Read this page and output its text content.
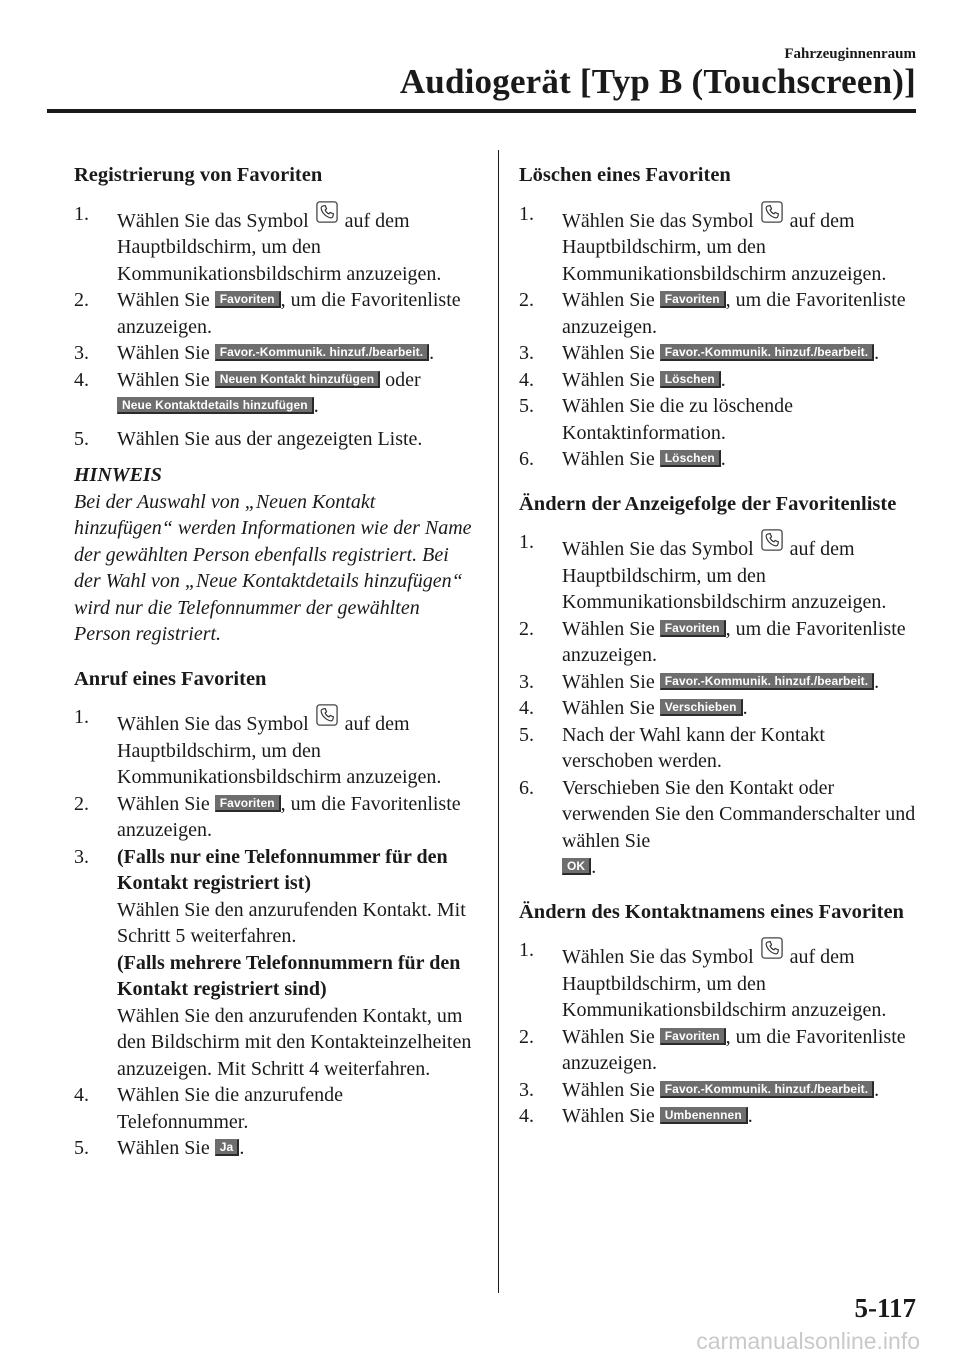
Fahrzeuginnenraum
Audiogerät [Typ B (Touchscreen)]
Registrierung von Favoriten
1. Wählen Sie das Symbol auf dem Hauptbildschirm, um den Kommunikationsbildschirm anzuzeigen.
2. Wählen Sie Favoriten , um die Favoritenliste anzuzeigen.
3. Wählen Sie Favor.-Kommunik. hinzuf./bearbeit. .
4. Wählen Sie Neuen Kontakt hinzufügen oder
Neue Kontaktdetails hinzufügen .
5. Wählen Sie aus der angezeigten Liste.
HINWEIS
Bei der Auswahl von „Neuen Kontakt hinzufügen“ werden Informationen wie der Name der gewählten Person ebenfalls registriert. Bei der Wahl von „Neue Kontaktdetails hinzufügen“ wird nur die Telefonnummer der gewählten Person registriert.
Anruf eines Favoriten
1. Wählen Sie das Symbol auf dem Hauptbildschirm, um den Kommunikationsbildschirm anzuzeigen.
2. Wählen Sie Favoriten , um die Favoritenliste anzuzeigen.
3. (Falls nur eine Telefonnummer für den Kontakt registriert ist)
Wählen Sie den anzurufenden Kontakt. Mit Schritt 5 weiterfahren.
(Falls mehrere Telefonnummern für den Kontakt registriert sind)
Wählen Sie den anzurufenden Kontakt, um den Bildschirm mit den Kontakteinzelheiten anzuzeigen. Mit Schritt 4 weiterfahren.
4. Wählen Sie die anzurufende Telefonnummer.
5. Wählen Sie Ja .
Löschen eines Favoriten
1. Wählen Sie das Symbol auf dem Hauptbildschirm, um den Kommunikationsbildschirm anzuzeigen.
2. Wählen Sie Favoriten , um die Favoritenliste anzuzeigen.
3. Wählen Sie Favor.-Kommunik. hinzuf./bearbeit. .
4. Wählen Sie Löschen .
5. Wählen Sie die zu löschende Kontaktinformation.
6. Wählen Sie Löschen .
Ändern der Anzeigefolge der Favoritenliste
1. Wählen Sie das Symbol auf dem Hauptbildschirm, um den Kommunikationsbildschirm anzuzeigen.
2. Wählen Sie Favoriten , um die Favoritenliste anzuzeigen.
3. Wählen Sie Favor.-Kommunik. hinzuf./bearbeit. .
4. Wählen Sie Verschieben .
5. Nach der Wahl kann der Kontakt verschoben werden.
6. Verschieben Sie den Kontakt oder verwenden Sie den Commanderschalter und wählen Sie
OK .
Ändern des Kontaktnamens eines Favoriten
1. Wählen Sie das Symbol auf dem Hauptbildschirm, um den Kommunikationsbildschirm anzuzeigen.
2. Wählen Sie Favoriten , um die Favoritenliste anzuzeigen.
3. Wählen Sie Favor.-Kommunik. hinzuf./bearbeit. .
4. Wählen Sie Umbenennen .
5-117
carmanualsonline.info
